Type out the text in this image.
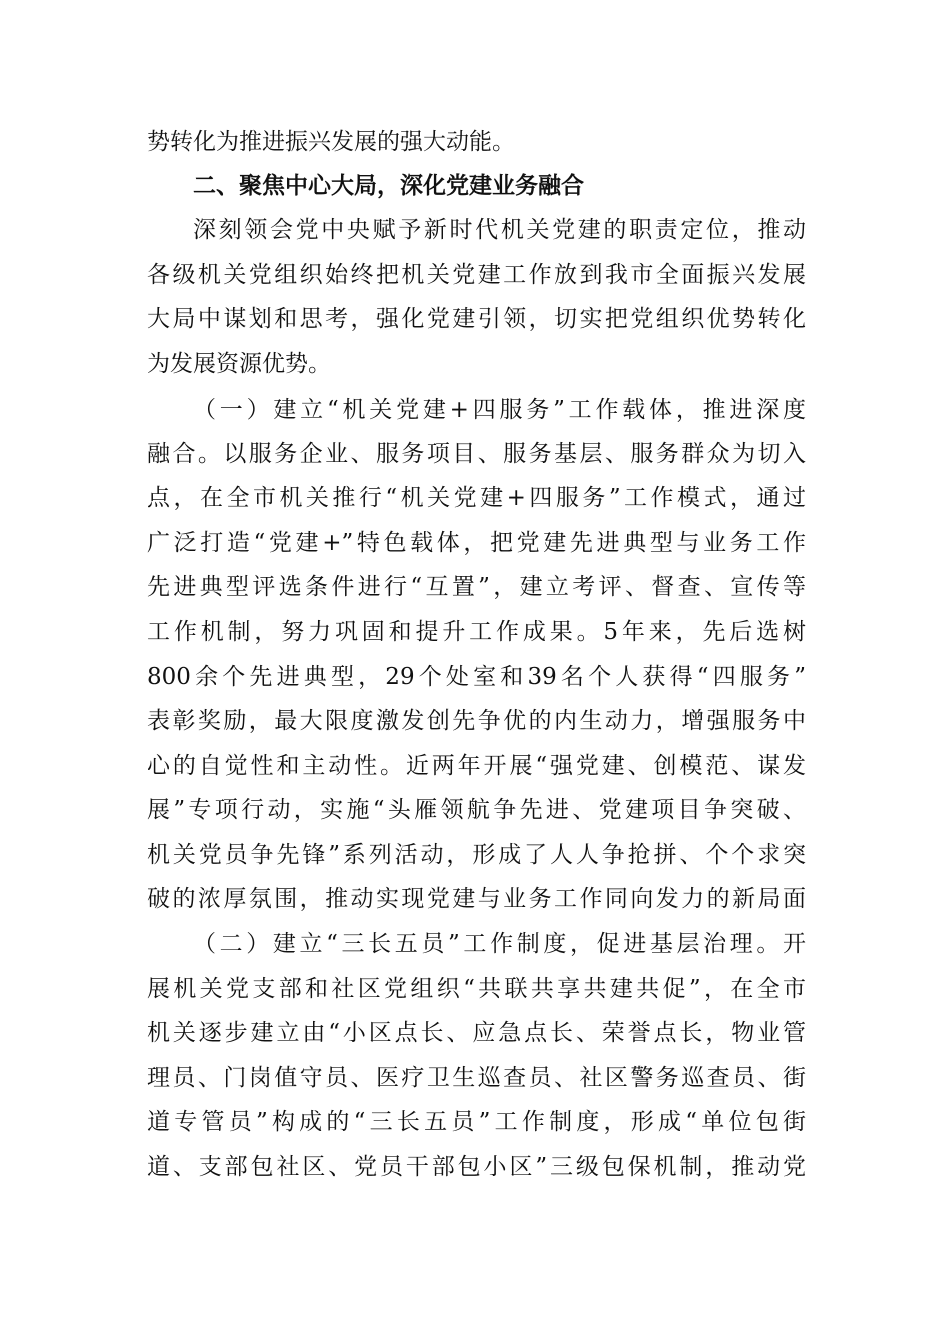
势转化为推进振兴发展的强大动能。
二、聚焦中心大局，深化党建业务融合
深刻领会党中央赋予新时代机关党建的职责定位，推动
各级机关党组织始终把机关党建工作放到我市全面振兴发展
大局中谋划和思考，强化党建引领，切实把党组织优势转化
为发展资源优势。
（一）建立“机关党建+四服务”工作载体，推进深度
融合。以服务企业、服务项目、服务基层、服务群众为切入
点，在全市机关推行“机关党建+四服务”工作模式，通过
广泛打造“党建+”特色载体，把党建先进典型与业务工作
先进典型评选条件进行“互置”，建立考评、督查、宣传等
工作机制，努力巩固和提升工作成果。5年来，先后选树
800余个先进典型，29个处室和39名个人获得“四服务”
表彰奖励，最大限度激发创先争优的内生动力，增强服务中
心的自觉性和主动性。近两年开展“强党建、创模范、谋发
展”专项行动，实施“头雁领航争先进、党建项目争突破、
机关党员争先锋”系列活动，形成了人人争抢拼、个个求突
破的浓厚氛围，推动实现党建与业务工作同向发力的新局面
（二）建立“三长五员”工作制度，促进基层治理。开
展机关党支部和社区党组织“共联共享共建共促”，在全市
机关逐步建立由“小区点长、应急点长、荣誉点长，物业管
理员、门岗值守员、医疗卫生巡查员、社区警务巡查员、街
道专管员”构成的“三长五员”工作制度，形成“单位包街
道、支部包社区、党员干部包小区”三级包保机制，推动党
